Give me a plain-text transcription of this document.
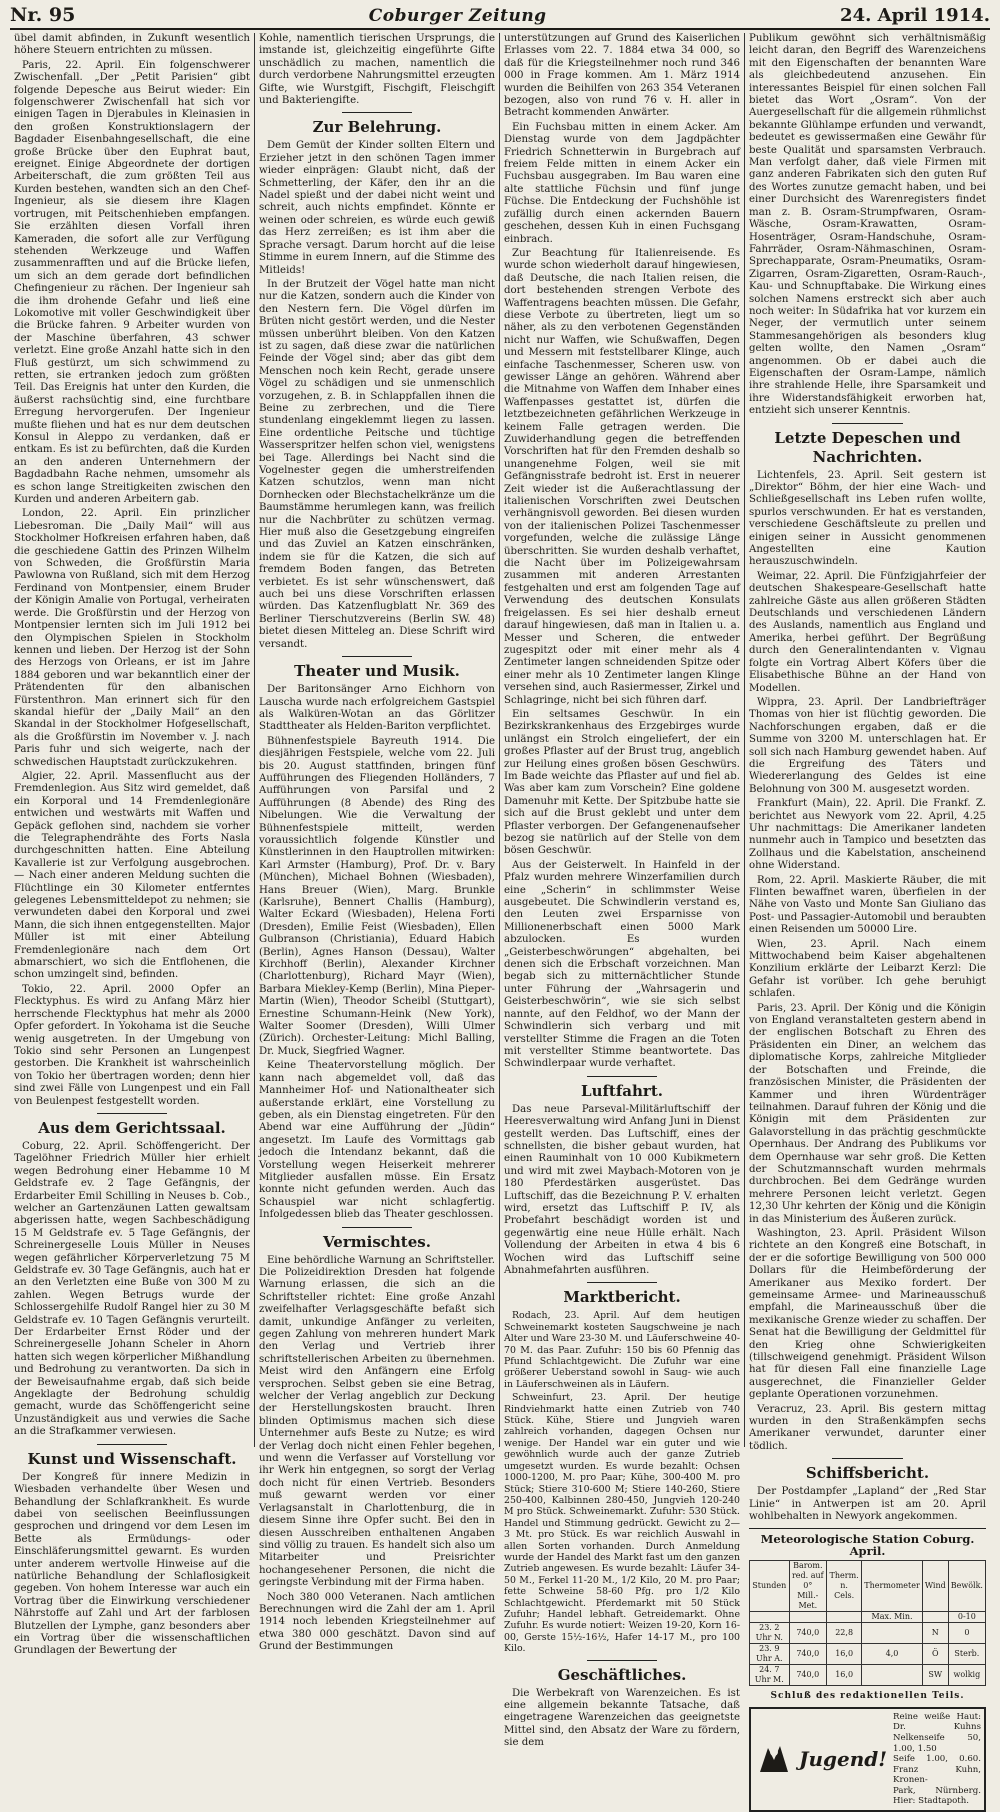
Nr. 95	Coburger Zeitung	24. April 1914.

übel damit abfinden, in Zukunft wesentlich höhere Steuern entrichten zu müssen.

Paris, 22. April. Ein folgenschwerer Zwischenfall. „Der „Petit Parisien“ gibt folgende Depesche aus Beirut wieder: Ein folgenschwerer Zwischenfall hat sich vor einigen Tagen in Djerabules in Kleinasien in den großen Konstruktionslagern der Bagdader Eisenbahngesellschaft, die eine große Brücke über den Euphrat baut, ereignet. Einige Abgeordnete der dortigen Arbeiterschaft, die zum größten Teil aus Kurden bestehen, wandten sich an den Chef-Ingenieur, als sie diesem ihre Klagen vortrugen, mit Peitschenhieben empfangen. Sie erzählten diesen Vorfall ihren Kameraden, die sofort alle zur Verfügung stehenden Werkzeuge und Waffen zusammenrafften und auf die Brücke liefen, um sich an dem gerade dort befindlichen Chefingenieur zu rächen. Der Ingenieur sah die ihm drohende Gefahr und ließ eine Lokomotive mit voller Geschwindigkeit über die Brücke fahren. 9 Arbeiter wurden von der Maschine überfahren, 43 schwer verletzt. Eine große Anzahl hatte sich in den Fluß gestürzt, um sich schwimmend zu retten, sie ertranken jedoch zum größten Teil. Das Ereignis hat unter den Kurden, die äußerst rachsüchtig sind, eine furchtbare Erregung hervorgerufen. Der Ingenieur mußte fliehen und hat es nur dem deutschen Konsul in Aleppo zu verdanken, daß er entkam. Es ist zu befürchten, daß die Kurden an den anderen Unternehmern der Bagdadbahn Rache nehmen, umsomehr als es schon lange Streitigkeiten zwischen den Kurden und anderen Arbeitern gab.

London, 22. April. Ein prinzlicher Liebesroman. Die „Daily Mail“ will aus Stockholmer Hofkreisen erfahren haben, daß die geschiedene Gattin des Prinzen Wilhelm von Schweden, die Großfürstin Maria Pawlowna von Rußland, sich mit dem Herzog Ferdinand von Montpensier, einem Bruder der Königin Amalie von Portugal, verheiraten werde. Die Großfürstin und der Herzog von Montpensier lernten sich im Juli 1912 bei den Olympischen Spielen in Stockholm kennen und lieben. Der Herzog ist der Sohn des Herzogs von Orleans, er ist im Jahre 1884 geboren und war bekanntlich einer der Prätendenten für den albanischen Fürstenthron. Man erinnert sich für den skandal hiefür der „Daily Mail“ an den Skandal in der Stockholmer Hofgesellschaft, als die Großfürstin im November v. J. nach Paris fuhr und sich weigerte, nach der schwedischen Hauptstadt zurückzukehren.

Algier, 22. April. Massenflucht aus der Fremdenlegion. Aus Sitz wird gemeldet, daß ein Korporal und 14 Fremdenlegionäre entwichen und westwärts mit Waffen und Gepäck geflohen sind, nachdem sie vorher die Telegraphendrähte des Forts Nasla durchgeschnitten hatten. Eine Abteilung Kavallerie ist zur Verfolgung ausgebrochen. — Nach einer anderen Meldung suchten die Flüchtlinge ein 30 Kilometer entferntes gelegenes Lebensmitteldepot zu nehmen; sie verwundeten dabei den Korporal und zwei Mann, die sich ihnen entgegenstellten. Major Müller ist mit einer Abteilung Fremdenlegionäre nach dem Ort abmarschiert, wo sich die Entflohenen, die schon umzingelt sind, befinden.

Tokio, 22. April. 2000 Opfer an Flecktyphus. Es wird zu Anfang März hier herrschende Flecktyphus hat mehr als 2000 Opfer gefordert. In Yokohama ist die Seuche wenig ausgetreten. In der Umgebung von Tokio sind sehr Personen an Lungenpest gestorben. Die Krankheit ist wahrscheinlich von Tokio her übertragen worden; denn hier sind zwei Fälle von Lungenpest und ein Fall von Beulenpest festgestellt worden.

Aus dem Gerichtssaal.

Coburg, 22. April. Schöffengericht. Der Tagelöhner Friedrich Müller hier erhielt wegen Bedrohung einer Hebamme 10 M Geldstrafe ev. 2 Tage Gefängnis, der Erdarbeiter Emil Schilling in Neuses b. Cob., welcher an Gartenzäunen Latten gewaltsam abgerissen hatte, wegen Sachbeschädigung 15 M Geldstrafe ev. 5 Tage Gefängnis, der Schreinergeselle Louis Müller in Neuses wegen gefährlicher Körperverletzung 75 M Geldstrafe ev. 30 Tage Gefängnis, auch hat er an den Verletzten eine Buße von 300 M zu zahlen. Wegen Betrugs wurde der Schlossergehilfe Rudolf Rangel hier zu 30 M Geldstrafe ev. 10 Tagen Gefängnis verurteilt. Der Erdarbeiter Ernst Röder und der Schreinergeselle Johann Scheler in Ahorn hatten sich wegen körperlicher Mißhandlung und Bedrohung zu verantworten. Da sich in der Beweisaufnahme ergab, daß sich beide Angeklagte der Bedrohung schuldig gemacht, wurde das Schöffengericht seine Unzuständigkeit aus und verwies die Sache an die Strafkammer verwiesen.

Kunst und Wissenschaft.

Der Kongreß für innere Medizin in Wiesbaden verhandelte über Wesen und Behandlung der Schlafkrankheit. Es wurde dabei von seelischen Beeinflussungen gesprochen und dringend vor dem Lesen im Bette als Ermüdungs- oder Einschläferungsmittel gewarnt. Es wurden unter anderem wertvolle Hinweise auf die natürliche Behandlung der Schlaflosigkeit gegeben. Von hohem Interesse war auch ein Vortrag über die Einwirkung verschiedener Nährstoffe auf Zahl und Art der farblosen Blutzellen der Lymphe, ganz besonders aber ein Vortrag über die wissenschaftlichen Grundlagen der Bewertung der

Kohle, namentlich tierischen Ursprungs, die imstande ist, gleichzeitig eingeführte Gifte unschädlich zu machen, namentlich die durch verdorbene Nahrungsmittel erzeugten Gifte, wie Wurstgift, Fischgift, Fleischgift und Bakteriengifte.

Zur Belehrung.

Dem Gemüt der Kinder sollten Eltern und Erzieher jetzt in den schönen Tagen immer wieder einprägen: Glaubt nicht, daß der Schmetterling, der Käfer, den ihr an die Nadel spießt und der dabei nicht weint und schreit, auch nichts empfindet. Könnte er weinen oder schreien, es würde euch gewiß das Herz zerreißen; es ist ihm aber die Sprache versagt. Darum horcht auf die leise Stimme in eurem Innern, auf die Stimme des Mitleids!

In der Brutzeit der Vögel hatte man nicht nur die Katzen, sondern auch die Kinder von den Nestern fern. Die Vögel dürfen im Brüten nicht gestört werden, und die Nester müssen unberührt bleiben. Von den Katzen ist zu sagen, daß diese zwar die natürlichen Feinde der Vögel sind; aber das gibt dem Menschen noch kein Recht, gerade unsere Vögel zu schädigen und sie unmenschlich vorzugehen, z. B. in Schlappfallen ihnen die Beine zu zerbrechen, und die Tiere stundenlang eingeklemmt liegen zu lassen. Eine ordentliche Peitsche und tüchtige Wasserspritzer helfen schon viel, wenigstens bei Tage. Allerdings bei Nacht sind die Vogelnester gegen die umherstreifenden Katzen schutzlos, wenn man nicht Dornhecken oder Blechstachelkränze um die Baumstämme herumlegen kann, was freilich nur die Nachbrüter zu schützen vermag. Hier muß also die Gesetzgebung eingreifen und das Zuviel an Katzen einschränken, indem sie für die Katzen, die sich auf fremdem Boden fangen, das Betreten verbietet. Es ist sehr wünschenswert, daß auch bei uns diese Vorschriften erlassen würden. Das Katzenflugblatt Nr. 369 des Berliner Tierschutzvereins (Berlin SW. 48) bietet diesen Mitteleg an. Diese Schrift wird versandt.

Theater und Musik.

Der Baritonsänger Arno Eichhorn von Lauscha wurde nach erfolgreichem Gastspiel als Walküren-Wotan an das Görlitzer Stadttheater als Helden-Bariton verpflichtet.

Bühnenfestspiele Bayreuth 1914. Die diesjährigen Festspiele, welche vom 22. Juli bis 20. August stattfinden, bringen fünf Aufführungen des Fliegenden Holländers, 7 Aufführungen von Parsifal und 2 Aufführungen (8 Abende) des Ring des Nibelungen. Wie die Verwaltung der Bühnenfestspiele mitteilt, werden voraussichtlich folgende Künstler und Künstlerinnen in den Hauptrollen mitwirken: Karl Armster (Hamburg), Prof. Dr. v. Bary (München), Michael Bohnen (Wiesbaden), Hans Breuer (Wien), Marg. Brunkle (Karlsruhe), Bennert Challis (Hamburg), Walter Eckard (Wiesbaden), Helena Forti (Dresden), Emilie Feist (Wiesbaden), Ellen Gulbranson (Christiania), Eduard Habich (Berlin), Agnes Hanson (Dessau), Walter Kirchhoff (Berlin), Alexander Kirchner (Charlottenburg), Richard Mayr (Wien), Barbara Miekley-Kemp (Berlin), Mina Pieper-Martin (Wien), Theodor Scheibl (Stuttgart), Ernestine Schumann-Heink (New York), Walter Soomer (Dresden), Willi Ulmer (Zürich). Orchester-Leitung: Michl Balling, Dr. Muck, Siegfried Wagner.

Keine Theatervorstellung möglich. Der kann nach abgemeldet voll, daß das Mannheimer Hof- und Nationaltheater sich außerstande erklärt, eine Vorstellung zu geben, als ein Dienstag eingetreten. Für den Abend war eine Aufführung der „Jüdin“ angesetzt. Im Laufe des Vormittags gab jedoch die Intendanz bekannt, daß die Vorstellung wegen Heiserkeit mehrerer Mitglieder ausfallen müsse. Ein Ersatz konnte nicht gefunden werden. Auch das Schauspiel war nicht schlagfertig. Infolgedessen blieb das Theater geschlossen.

Vermischtes.

Eine behördliche Warnung an Schriftsteller. Die Polizeidirektion Dresden hat folgende Warnung erlassen, die sich an die Schriftsteller richtet: Eine große Anzahl zweifelhafter Verlagsgeschäfte befaßt sich damit, unkundige Anfänger zu verleiten, gegen Zahlung von mehreren hundert Mark den Verlag und Vertrieb ihrer schriftstellerischen Arbeiten zu übernehmen. Meist wird den Anfängern eine Erfolg versprochen. Selbst geben sie eine Betrag, welcher der Verlag angeblich zur Deckung der Herstellungskosten braucht. Ihren blinden Optimismus machen sich diese Unternehmer aufs Beste zu Nutze; es wird der Verlag doch nicht einen Fehler begehen, und wenn die Verfasser auf Vorstellung vor ihr Werk hin entgegnen, so sorgt der Verlag doch nicht für einen Vertrieb. Besonders muß gewarnt werden vor einer Verlagsanstalt in Charlottenburg, die in diesem Sinne ihre Opfer sucht. Bei den in diesen Ausschreiben enthaltenen Angaben sind völlig zu trauen. Es handelt sich also um Mitarbeiter und Preisrichter hochangesehener Personen, die nicht die geringste Verbindung mit der Firma haben.

Noch 380 000 Veteranen. Nach amtlichen Berechnungen wird die Zahl der am 1. April 1914 noch lebenden Kriegsteilnehmer auf etwa 380 000 geschätzt. Davon sind auf Grund der Bestimmungen

unterstützungen auf Grund des Kaiserlichen Erlasses vom 22. 7. 1884 etwa 34 000, so daß für die Kriegsteilnehmer noch rund 346 000 in Frage kommen. Am 1. März 1914 wurden die Beihilfen von 263 354 Veteranen bezogen, also von rund 76 v. H. aller in Betracht kommenden Anwärter.

Ein Fuchsbau mitten in einem Acker. Am Dienstag wurde von dem Jagdpächter Friedrich Schnetterwin in Burgebrach auf freiem Felde mitten in einem Acker ein Fuchsbau ausgegraben. Im Bau waren eine alte stattliche Füchsin und fünf junge Füchse. Die Entdeckung der Fuchshöhle ist zufällig durch einen ackernden Bauern geschehen, dessen Kuh in einen Fuchsgang einbrach.

Zur Beachtung für Italienreisende. Es wurde schon wiederholt darauf hingewiesen, daß Deutsche, die nach Italien reisen, die dort bestehenden strengen Verbote des Waffentragens beachten müssen. Die Gefahr, diese Verbote zu übertreten, liegt um so näher, als zu den verbotenen Gegenständen nicht nur Waffen, wie Schußwaffen, Degen und Messern mit feststellbarer Klinge, auch einfache Taschenmesser, Scheren usw. von gewisser Länge an gehören. Während aber die Mitnahme von Waffen dem Inhaber eines Waffenpasses gestattet ist, dürfen die letztbezeichneten gefährlichen Werkzeuge in keinem Falle getragen werden. Die Zuwiderhandlung gegen die betreffenden Vorschriften hat für den Fremden deshalb so unangenehme Folgen, weil sie mit Gefängnisstrafe bedroht ist. Erst in neuerer Zeit wieder ist die Außerachtlassung der italienischen Vorschriften zwei Deutschen verhängnisvoll geworden. Bei diesen wurden von der italienischen Polizei Taschenmesser vorgefunden, welche die zulässige Länge überschritten. Sie wurden deshalb verhaftet, die Nacht über im Polizeigewahrsam zusammen mit anderen Arrestanten festgehalten und erst am folgenden Tage auf Verwendung des deutschen Konsulats freigelassen. Es sei hier deshalb erneut darauf hingewiesen, daß man in Italien u. a. Messer und Scheren, die entweder zugespitzt oder mit einer mehr als 4 Zentimeter langen schneidenden Spitze oder einer mehr als 10 Zentimeter langen Klinge versehen sind, auch Rasiermesser, Zirkel und Schlagringe, nicht bei sich führen darf.

Ein seltsames Geschwür. In ein Bezirkskrankenhaus des Erzgebirges wurde unlängst ein Strolch eingeliefert, der ein großes Pflaster auf der Brust trug, angeblich zur Heilung eines großen bösen Geschwürs. Im Bade weichte das Pflaster auf und fiel ab. Was aber kam zum Vorschein? Eine goldene Damenuhr mit Kette. Der Spitzbube hatte sie sich auf die Brust geklebt und unter dem Pflaster verborgen. Der Gefangenenaufseher bezog sie natürlich auf der Stelle von dem bösen Geschwür.

Aus der Geisterwelt. In Hainfeld in der Pfalz wurden mehrere Winzerfamilien durch eine „Scherin“ in schlimmster Weise ausgebeutet. Die Schwindlerin verstand es, den Leuten zwei Ersparnisse von Millionenerbschaft einen 5000 Mark abzulocken. Es wurden „Geisterbeschwörungen“ abgehalten, bei denen sich die Erbschaft vorzeichnen. Man begab sich zu mitternächtlicher Stunde unter Führung der „Wahrsagerin und Geisterbeschwörin“, wie sie sich selbst nannte, auf den Feldhof, wo der Mann der Schwindlerin sich verbarg und mit verstellter Stimme die Fragen an die Toten mit verstellter Stimme beantwortete. Das Schwindlerpaar wurde verhaftet.

Luftfahrt.

Das neue Parseval-Militärluftschiff der Heeresverwaltung wird Anfang Juni in Dienst gestellt werden. Das Luftschiff, eines der schnellsten, die bisher gebaut wurden, hat einen Rauminhalt von 10 000 Kubikmetern und wird mit zwei Maybach-Motoren von je 180 Pferdestärken ausgerüstet. Das Luftschiff, das die Bezeichnung P. V. erhalten wird, ersetzt das Luftschiff P. IV, als Probefahrt beschädigt worden ist und gegenwärtig eine neue Hülle erhält. Nach Vollendung der Arbeiten in etwa 4 bis 6 Wochen wird das Luftschiff seine Abnahmefahrten ausführen.

Marktbericht.

Rodach, 23. April. Auf dem heutigen Schweinemarkt kosteten Saugschweine je nach Alter und Ware 23-30 M. und Läuferschweine 40-70 M. das Paar. Zufuhr: 150 bis 60 Pfennig das Pfund Schlachtgewicht. Die Zufuhr war eine größerer Ueberstand sowohl in Saug- wie auch in Läuferschweinen als in Läufern.

Schweinfurt, 23. April. Der heutige Rindviehmarkt hatte einen Zutrieb von 740 Stück. Kühe, Stiere und Jungvieh waren zahlreich vorhanden, dagegen Ochsen nur wenige. Der Handel war ein guter und wie gewöhnlich wurde auch der ganze Zutrieb umgesetzt wurden. Es wurde bezahlt: Ochsen 1000-1200, M. pro Paar; Kühe, 300-400 M. pro Stück; Stiere 310-600 M; Stiere 140-260, Stiere 250-400, Kalbinnen 280-450, Jungvieh 120-240 M pro Stück. Schweinemarkt. Zufuhr: 530 Stück. Handel und Stimmung gedrückt. Gewicht zu 2—3 Mt. pro Stück. Es war reichlich Auswahl in allen Sorten vorhanden. Durch Anmeldung wurde der Handel des Markt fast um den ganzen Zutrieb angewesen. Es wurde bezahlt: Läufer 34-50 M., Ferkel 11-20 M., 1/2 Kilo, 20 M. pro Paar; fette Schweine 58-60 Pfg. pro 1/2 Kilo Schlachtgewicht. Pferdemarkt mit 50 Stück Zufuhr; Handel lebhaft. Getreidemarkt. Ohne Zufuhr. Es wurde notiert: Weizen 19-20, Korn 16-00, Gerste 15½-16½, Hafer 14-17 M., pro 100 Kilo.

Geschäftliches.

Die Werbekraft von Warenzeichen. Es ist eine allgemein bekannte Tatsache, daß eingetragene Warenzeichen das geeignetste Mittel sind, den Absatz der Ware zu fördern, sie dem

Publikum gewöhnt sich verhältnismäßig leicht daran, den Begriff des Warenzeichens mit den Eigenschaften der benannten Ware als gleichbedeutend anzusehen. Ein interessantes Beispiel für einen solchen Fall bietet das Wort „Osram“. Von der Auergesellschaft für die allgemein rühmlichst bekannte Glühlampe erfunden und verwandt, bedeutet es gewissermaßen eine Gewähr für beste Qualität und sparsamsten Verbrauch. Man verfolgt daher, daß viele Firmen mit ganz anderen Fabrikaten sich den guten Ruf des Wortes zunutze gemacht haben, und bei einer Durchsicht des Warenregisters findet man z. B. Osram-Strumpfwaren, Osram-Wäsche, Osram-Krawatten, Osram-Hosenträger, Osram-Handschuhe, Osram-Fahrräder, Osram-Nähmaschinen, Osram-Sprechapparate, Osram-Pneumatiks, Osram-Zigarren, Osram-Zigaretten, Osram-Rauch-, Kau- und Schnupftabake. Die Wirkung eines solchen Namens erstreckt sich aber auch noch weiter: In Südafrika hat vor kurzem ein Neger, der vermutlich unter seinem Stammesangehörigen als besonders klug gelten wollte, den Namen „Osram“ angenommen. Ob er dabei auch die Eigenschaften der Osram-Lampe, nämlich ihre strahlende Helle, ihre Sparsamkeit und ihre Widerstandsfähigkeit erworben hat, entzieht sich unserer Kenntnis.

Letzte Depeschen und Nachrichten.

Lichtenfels, 23. April. Seit gestern ist „Direktor“ Böhm, der hier eine Wach- und Schließgesellschaft ins Leben rufen wollte, spurlos verschwunden. Er hat es verstanden, verschiedene Geschäftsleute zu prellen und einigen seiner in Aussicht genommenen Angestellten eine Kaution herauszuschwindeln.

Weimar, 22. April. Die Fünfzigjahrfeier der deutschen Shakespeare-Gesellschaft hatte zahlreiche Gäste aus allen größeren Städten Deutschlands und verschiedenen Ländern des Auslands, namentlich aus England und Amerika, herbei geführt. Der Begrüßung durch den Generalintendanten v. Vignau folgte ein Vortrag Albert Köfers über die Elisabethische Bühne an der Hand von Modellen.

Wippra, 23. April. Der Landbriefträger Thomas von hier ist flüchtig geworden. Die Nachforschungen ergaben, daß er die Summe von 3200 M. unterschlagen hat. Er soll sich nach Hamburg gewendet haben. Auf die Ergreifung des Täters und Wiedererlangung des Geldes ist eine Belohnung von 300 M. ausgesetzt worden.

Frankfurt (Main), 22. April. Die Frankf. Z. berichtet aus Newyork vom 22. April, 4.25 Uhr nachmittags: Die Amerikaner landeten nunmehr auch in Tampico und besetzten das Zollhaus und die Kabelstation, anscheinend ohne Widerstand.

Rom, 22. April. Maskierte Räuber, die mit Flinten bewaffnet waren, überfielen in der Nähe von Vasto und Monte San Giuliano das Post- und Passagier-Automobil und beraubten einen Reisenden um 50000 Lire.

Wien, 23. April. Nach einem Mittwochabend beim Kaiser abgehaltenen Konzilium erklärte der Leibarzt Kerzl: Die Gefahr ist vorüber. Ich gehe beruhigt schlafen.

Paris, 23. April. Der König und die Königin von England veranstalteten gestern abend in der englischen Botschaft zu Ehren des Präsidenten ein Diner, an welchem das diplomatische Korps, zahlreiche Mitglieder der Botschaften und Freinde, die französischen Minister, die Präsidenten der Kammer und ihren Würdenträger teilnahmen. Darauf fuhren der König und die Königin mit dem Präsidenten zur Galavorstellung in das prächtig geschmückte Opernhaus. Der Andrang des Publikums vor dem Opernhause war sehr groß. Die Ketten der Schutzmannschaft wurden mehrmals durchbrochen. Bei dem Gedränge wurden mehrere Personen leicht verletzt. Gegen 12,30 Uhr kehrten der König und die Königin in das Ministerium des Äußeren zurück.

Washington, 23. April. Präsident Wilson richtete an den Kongreß eine Botschaft, in der er die sofortige Bewilligung von 500 000 Dollars für die Heimbeförderung der Amerikaner aus Mexiko fordert. Der gemeinsame Armee- und Marineausschuß empfahl, die Marineausschuß über die mexikanische Grenze wieder zu schaffen. Der Senat hat die Bewilligung der Geldmittel für den Krieg ohne Schwierigkeiten (tillschweigend genehmigt. Präsident Wilson hat für diesen Fall eine finanzielle Lage ausgerechnet, die Finanzieller Gelder geplante Operationen vorzunehmen.

Veracruz, 23. April. Bis gestern mittag wurden in den Straßenkämpfen sechs Amerikaner verwundet, darunter einer tödlich.

Schiffsbericht.

Der Postdampfer „Lapland“ der „Red Star Linie“ in Antwerpen ist am 20. April wohlbehalten in Newyork angekommen.

Meteorologische Station Coburg. April.
Stunden	Barom. red. auf 0° Mill.-Met.	Therm. n. Cels.	Thermometer	Wind	Bewölk.
			Max. Min.		0-10
23. 2 Uhr N.	740,0	22,8		N	0
23. 9 Uhr A.	740,0	16,0	4,0	Ö	Sterb.
24. 7 Uhr M.	740,0	16,0		SW	wolkig
Schluß des redaktionellen Teils.
Jugend!
Reine weiße Haut: Dr. Kuhns Nelkenseife 50, 1.00, 1.50
Seife 1.00, 0.60. Franz Kuhn, Kronen-
Park, Nürnberg. Hier: Stadtapoth.
